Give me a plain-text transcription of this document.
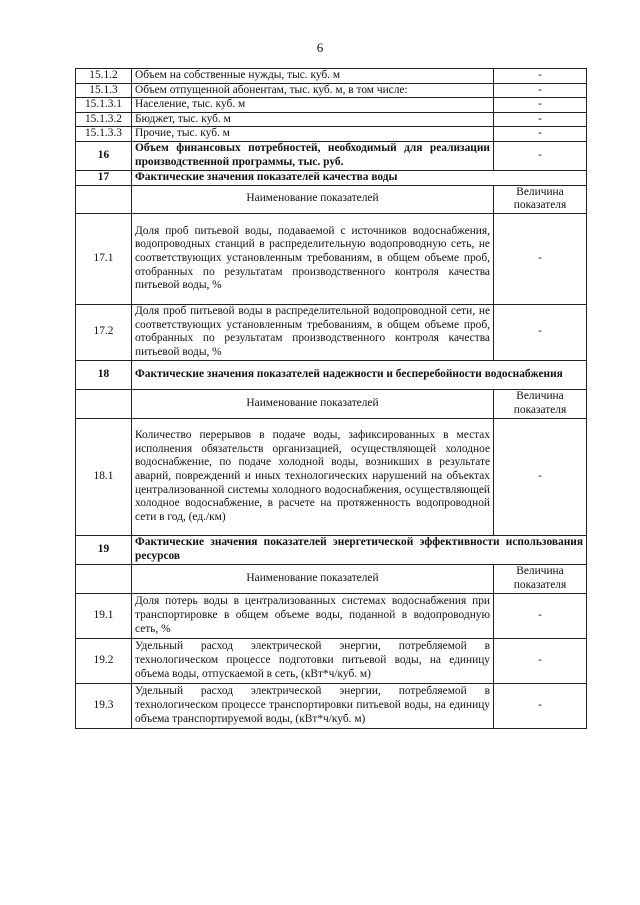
6
15.1.2	Объем на собственные нужды, тыс. куб. м	-
15.1.3	Объем отпущенной абонентам, тыс. куб. м, в том числе:	-
15.1.3.1	Население, тыс. куб. м	-
15.1.3.2	Бюджет, тыс. куб. м	-
15.1.3.3	Прочие, тыс. куб. м	-
16	Объем финансовых потребностей, необходимый для реализации производственной программы, тыс. руб.	-
17	Фактические значения показателей качества воды	
	Наименование показателей	Величина показателя
17.1	Доля проб питьевой воды, подаваемой с источников водоснабжения, водопроводных станций в распределительную водопроводную сеть, не соответствующих установленным требованиям, в общем объеме проб, отобранных по результатам производственного контроля качества питьевой воды, %	-
17.2	Доля проб питьевой воды в распределительной водопроводной сети, не соответствующих установленным требованиям, в общем объеме проб, отобранных по результатам производственного контроля качества питьевой воды, %	-
18	Фактические значения показателей надежности и бесперебойности водоснабжения	
	Наименование показателей	Величина показателя
18.1	Количество перерывов в подаче воды, зафиксированных в местах исполнения обязательств организацией, осуществляющей холодное водоснабжение, по подаче холодной воды, возникших в результате аварий, повреждений и иных технологических нарушений на объектах централизованной системы холодного водоснабжения, осуществляющей холодное водоснабжение, в расчете на протяженность водопроводной сети в год, (ед./км)	-
19	Фактические значения показателей энергетической эффективности использования ресурсов	
	Наименование показателей	Величина показателя
19.1	Доля потерь воды в централизованных системах водоснабжения при транспортировке в общем объеме воды, поданной в водопроводную сеть, %	-
19.2	Удельный расход электрической энергии, потребляемой в технологическом процессе подготовки питьевой воды, на единицу объема воды, отпускаемой в сеть, (кВт*ч/куб. м)	-
19.3	Удельный расход электрической энергии, потребляемой в технологическом процессе транспортировки питьевой воды, на единицу объема транспортируемой воды, (кВт*ч/куб. м)	-
